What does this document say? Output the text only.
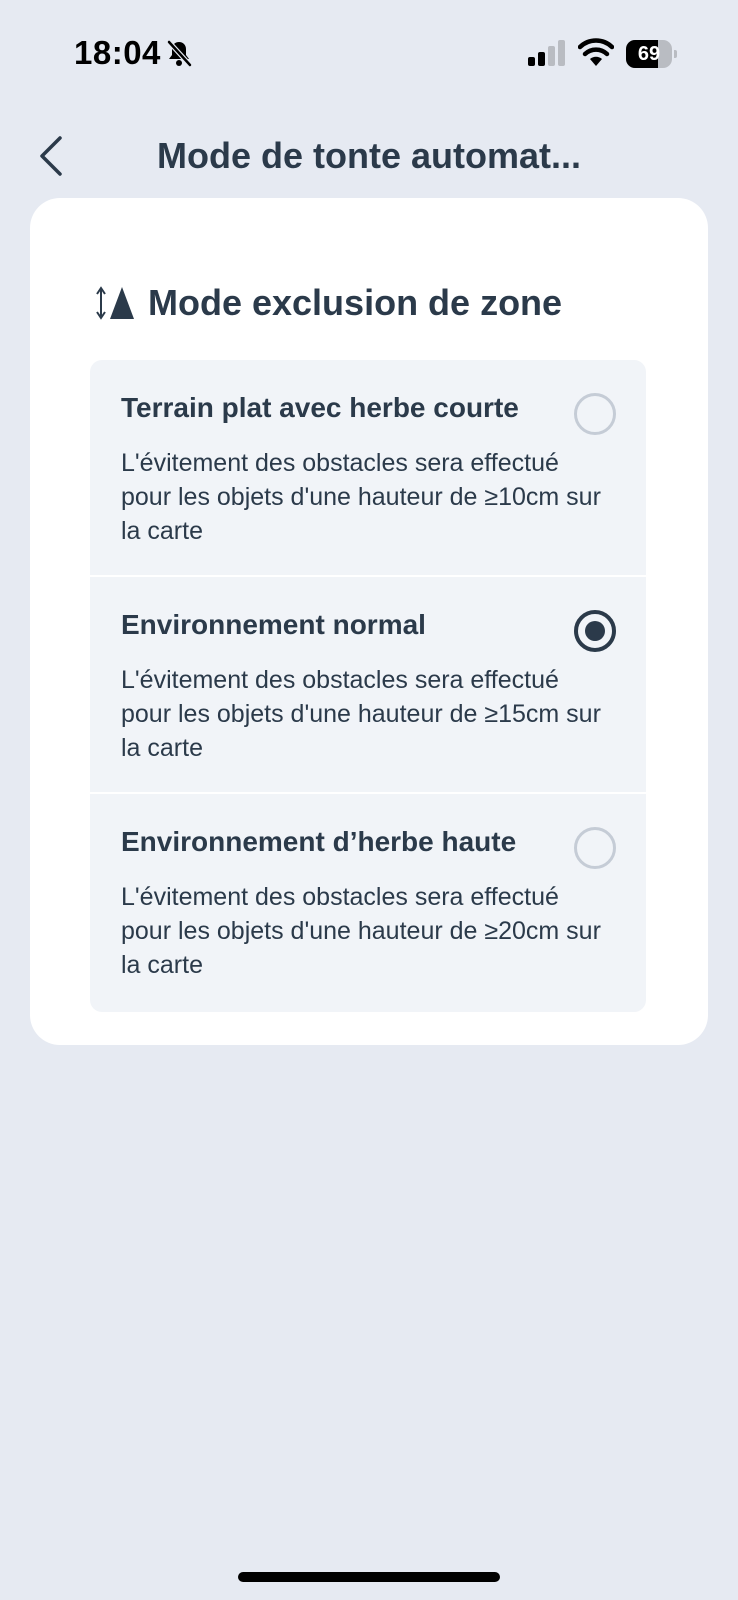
18:04	69
Mode de tonte automat...
Mode exclusion de zone
Terrain plat avec herbe courte
L'évitement des obstacles sera effectué pour les objets d'une hauteur de ≥10cm sur la carte
Environnement normal
L'évitement des obstacles sera effectué pour les objets d'une hauteur de ≥15cm sur la carte
Environnement d’herbe haute
L'évitement des obstacles sera effectué pour les objets d'une hauteur de ≥20cm sur la carte
